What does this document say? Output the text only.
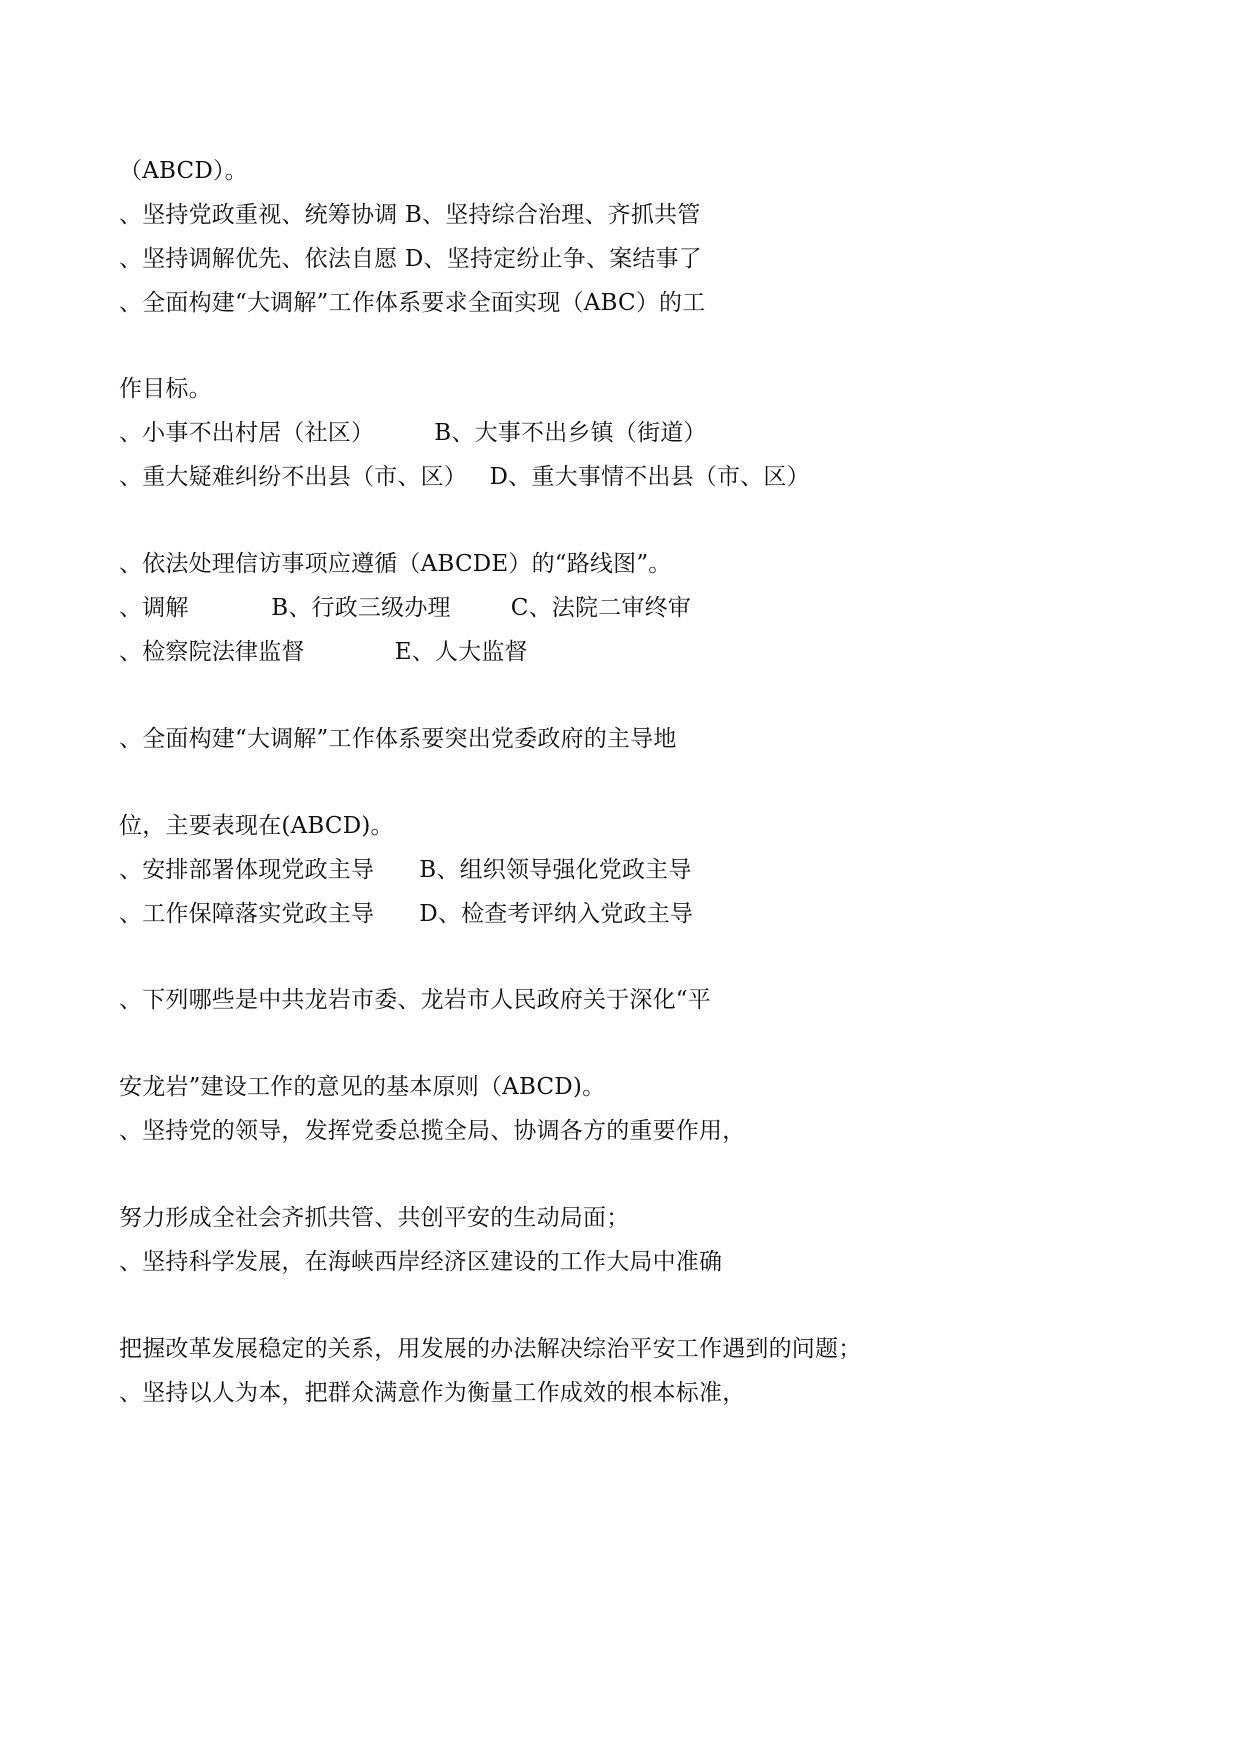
（ABCD）。
、坚持党政重视、统筹协调 B、坚持综合治理、齐抓共管
、坚持调解优先、依法自愿 D、坚持定纷止争、案结事了
、全面构建“大调解”工作体系要求全面实现（ABC）的工
作目标。
、小事不出村居（社区）        B、大事不出乡镇（街道）
、重大疑难纠纷不出县（市、区）   D、重大事情不出县（市、区）
、依法处理信访事项应遵循（ABCDE）的“路线图”。
、调解           B、行政三级办理        C、法院二审终审
、检察院法律监督            E、人大监督
、全面构建“大调解”工作体系要突出党委政府的主导地
位，主要表现在(ABCD)。
、安排部署体现党政主导      B、组织领导强化党政主导
、工作保障落实党政主导      D、检查考评纳入党政主导
、下列哪些是中共龙岩市委、龙岩市人民政府关于深化“平
安龙岩”建设工作的意见的基本原则（ABCD)。
、坚持党的领导，发挥党委总揽全局、协调各方的重要作用，
努力形成全社会齐抓共管、共创平安的生动局面；
、坚持科学发展，在海峡西岸经济区建设的工作大局中准确
把握改革发展稳定的关系，用发展的办法解决综治平安工作遇到的问题；
、坚持以人为本，把群众满意作为衡量工作成效的根本标准，
